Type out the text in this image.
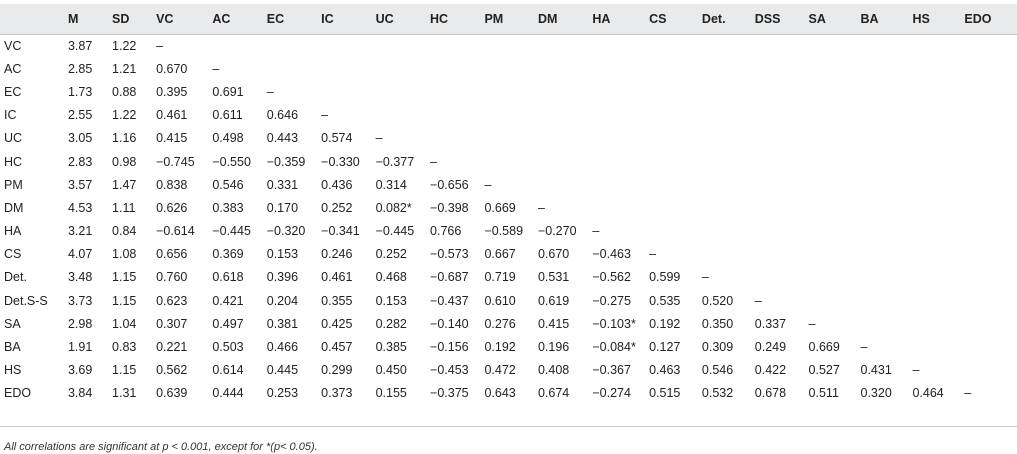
	M	SD	VC	AC	EC	IC	UC	HC	PM	DM	HA	CS	Det.	DSS	SA	BA	HS	EDO
VC	3.87	1.22	–															
AC	2.85	1.21	0.670	–														
EC	1.73	0.88	0.395	0.691	–													
IC	2.55	1.22	0.461	0.611	0.646	–												
UC	3.05	1.16	0.415	0.498	0.443	0.574	–											
HC	2.83	0.98	−0.745	−0.550	−0.359	−0.330	−0.377	–										
PM	3.57	1.47	0.838	0.546	0.331	0.436	0.314	−0.656	–									
DM	4.53	1.11	0.626	0.383	0.170	0.252	0.082*	−0.398	0.669	–								
HA	3.21	0.84	−0.614	−0.445	−0.320	−0.341	−0.445	0.766	−0.589	−0.270	–							
CS	4.07	1.08	0.656	0.369	0.153	0.246	0.252	−0.573	0.667	0.670	−0.463	–						
Det.	3.48	1.15	0.760	0.618	0.396	0.461	0.468	−0.687	0.719	0.531	−0.562	0.599	–					
Det.S-S	3.73	1.15	0.623	0.421	0.204	0.355	0.153	−0.437	0.610	0.619	−0.275	0.535	0.520	–				
SA	2.98	1.04	0.307	0.497	0.381	0.425	0.282	−0.140	0.276	0.415	−0.103*	0.192	0.350	0.337	–			
BA	1.91	0.83	0.221	0.503	0.466	0.457	0.385	−0.156	0.192	0.196	−0.084*	0.127	0.309	0.249	0.669	–		
HS	3.69	1.15	0.562	0.614	0.445	0.299	0.450	−0.453	0.472	0.408	−0.367	0.463	0.546	0.422	0.527	0.431	–	
EDO	3.84	1.31	0.639	0.444	0.253	0.373	0.155	−0.375	0.643	0.674	−0.274	0.515	0.532	0.678	0.511	0.320	0.464	–
All correlations are significant at p < 0.001, except for *(p< 0.05).
